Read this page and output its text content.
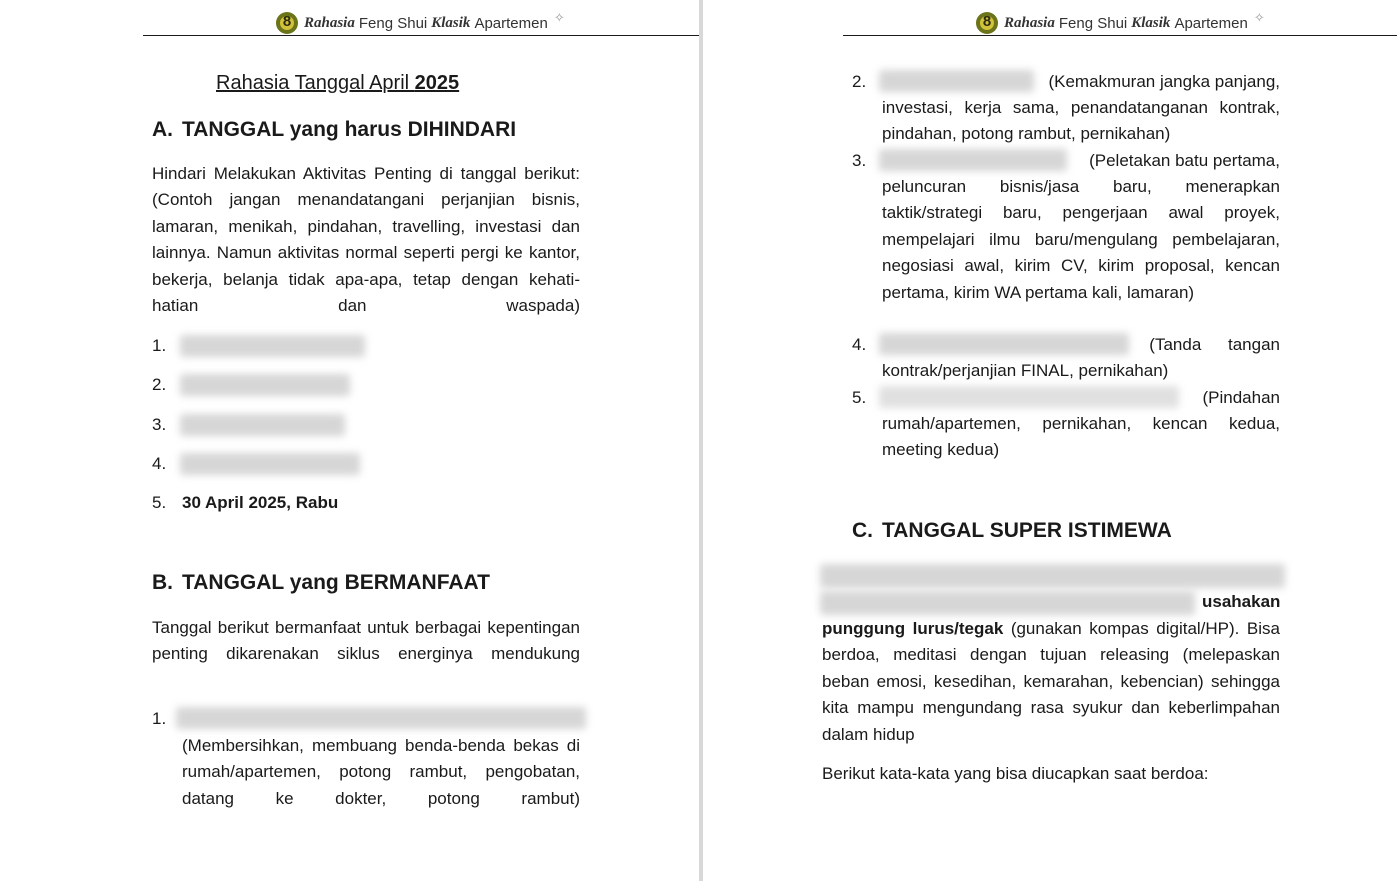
8
Rahasia Feng Shui Klasik Apartemen ✧

Rahasia Tanggal April 2025

A. TANGGAL yang harus DIHINDARI

Hindari Melakukan Aktivitas Penting di tanggal berikut: (Contoh jangan menandatangani perjanjian bisnis, lamaran, menikah, pindahan, travelling, investasi dan lainnya. Namun aktivitas normal seperti pergi ke kantor, bekerja, belanja tidak apa-apa, tetap dengan kehati-hatian dan waspada)

1.
2.
3.
4.
5. 30 April 2025, Rabu
B. TANGGAL yang BERMANFAAT

Tanggal berikut bermanfaat untuk berbagai kepentingan penting dikarenakan siklus energinya mendukung

1.

(Membersihkan, membuang benda-benda bekas di rumah/apartemen, potong rambut, pengobatan, datang ke dokter, potong rambut)

8
Rahasia Feng Shui Klasik Apartemen ✧
2.	(Kemakmuran jangka panjang,

investasi, kerja sama, penandatanganan kontrak, pindahan, potong rambut, pernikahan)

3.	(Peletakan batu pertama,

peluncuran bisnis/jasa baru, menerapkan taktik/strategi baru, pengerjaan awal proyek, mempelajari ilmu baru/mengulang pembelajaran, negosiasi awal, kirim CV, kirim proposal, kencan pertama, kirim WA pertama kali, lamaran)

4.	(Tanda tangan

kontrak/perjanjian FINAL, pernikahan)

5.	(Pindahan

rumah/apartemen, pernikahan, kencan kedua, meeting kedua)

C. TANGGAL SUPER ISTIMEWA
usahakan

punggung lurus/tegak (gunakan kompas digital/HP). Bisa berdoa, meditasi dengan tujuan releasing (melepaskan beban emosi, kesedihan, kemarahan, kebencian) sehingga kita mampu mengundang rasa syukur dan keberlimpahan dalam hidup

Berikut kata-kata yang bisa diucapkan saat berdoa:
